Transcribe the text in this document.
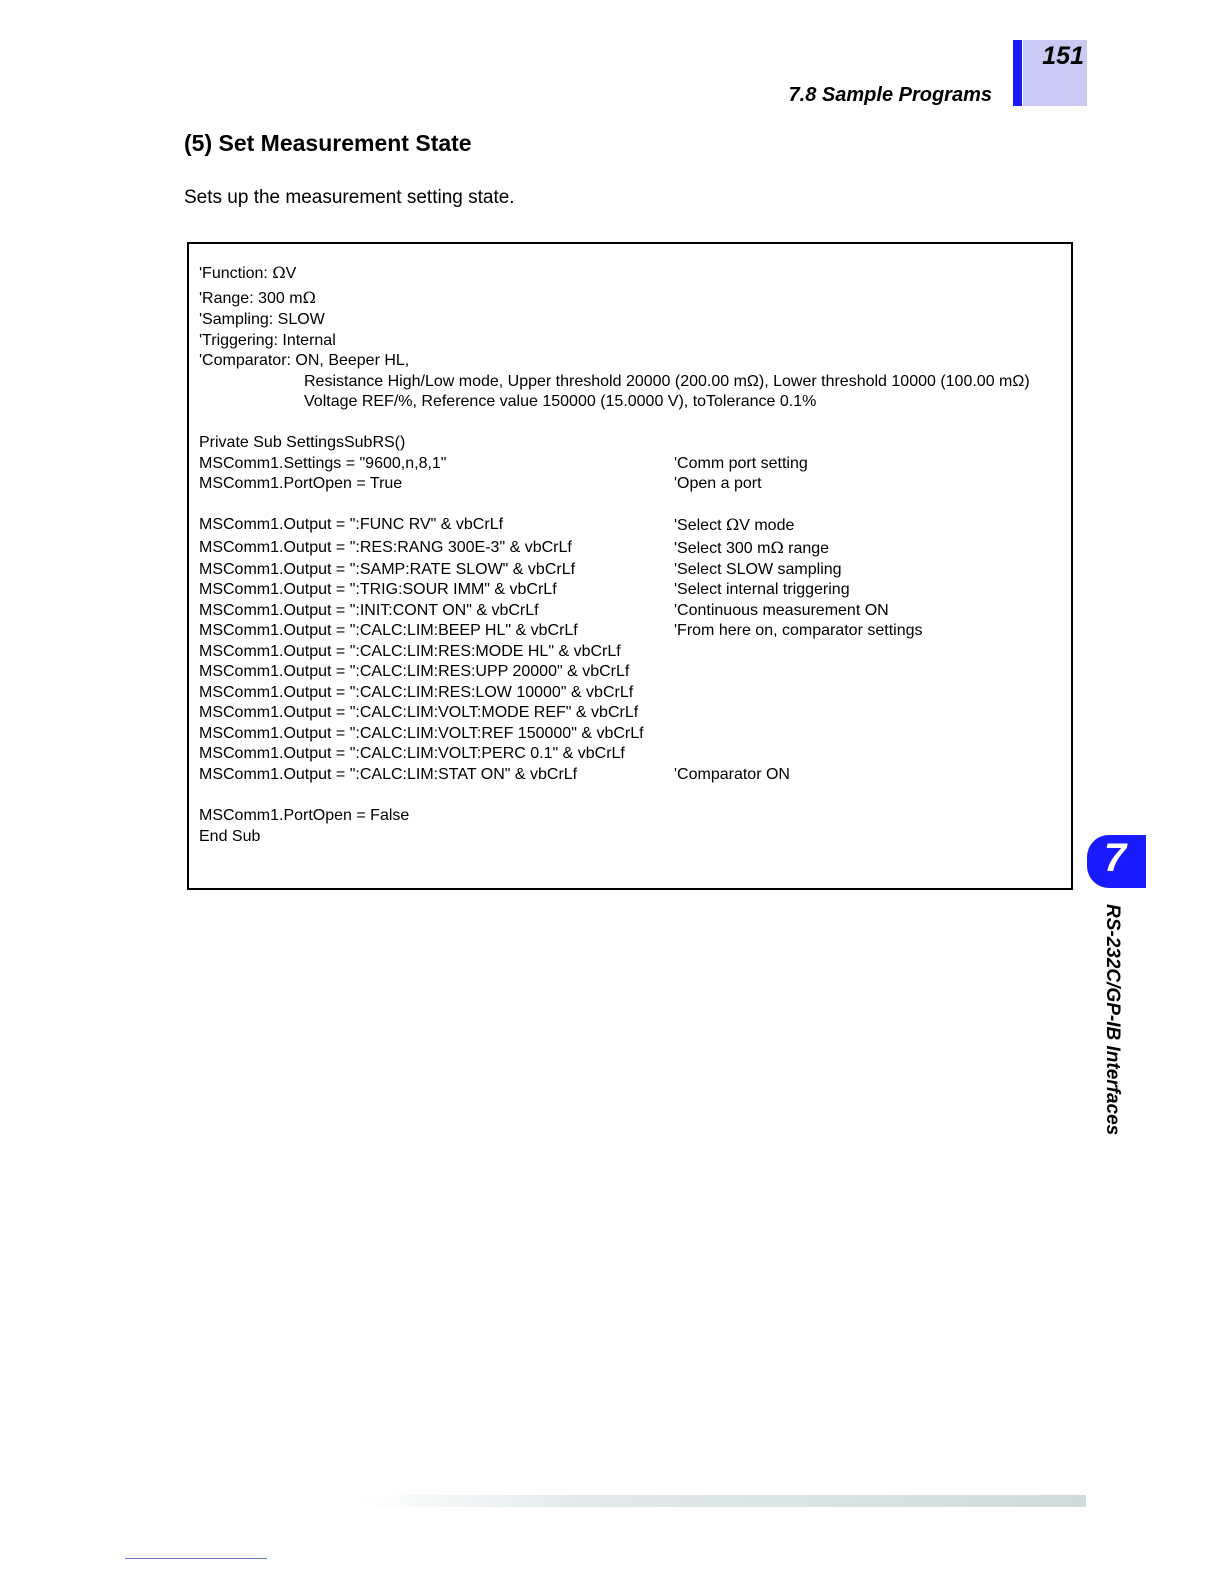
151
7.8 Sample Programs
(5) Set Measurement State

Sets up the measurement setting state.

'Function: ΩV
'Range: 300 mΩ
'Sampling: SLOW
'Triggering: Internal
'Comparator: ON, Beeper HL,
Resistance High/Low mode, Upper threshold 20000 (200.00 mΩ), Lower threshold 10000 (100.00 mΩ)
Voltage REF/%, Reference value 150000 (15.0000 V), toTolerance 0.1%
Private Sub SettingsSubRS()
MSComm1.Settings = "9600,n,8,1"	'Comm port setting
MSComm1.PortOpen = True	'Open a port
MSComm1.Output = ":FUNC RV" & vbCrLf	'Select ΩV mode
MSComm1.Output = ":RES:RANG 300E-3" & vbCrLf	'Select 300 mΩ range
MSComm1.Output = ":SAMP:RATE SLOW" & vbCrLf	'Select SLOW sampling
MSComm1.Output = ":TRIG:SOUR IMM" & vbCrLf	'Select internal triggering
MSComm1.Output = ":INIT:CONT ON" & vbCrLf	'Continuous measurement ON
MSComm1.Output = ":CALC:LIM:BEEP HL" & vbCrLf	'From here on, comparator settings
MSComm1.Output = ":CALC:LIM:RES:MODE HL" & vbCrLf
MSComm1.Output = ":CALC:LIM:RES:UPP 20000" & vbCrLf
MSComm1.Output = ":CALC:LIM:RES:LOW 10000" & vbCrLf
MSComm1.Output = ":CALC:LIM:VOLT:MODE REF" & vbCrLf
MSComm1.Output = ":CALC:LIM:VOLT:REF 150000" & vbCrLf
MSComm1.Output = ":CALC:LIM:VOLT:PERC 0.1" & vbCrLf
MSComm1.Output = ":CALC:LIM:STAT ON" & vbCrLf	'Comparator ON
MSComm1.PortOpen = False
End Sub	7
RS-232C/GP-IB Interfaces
